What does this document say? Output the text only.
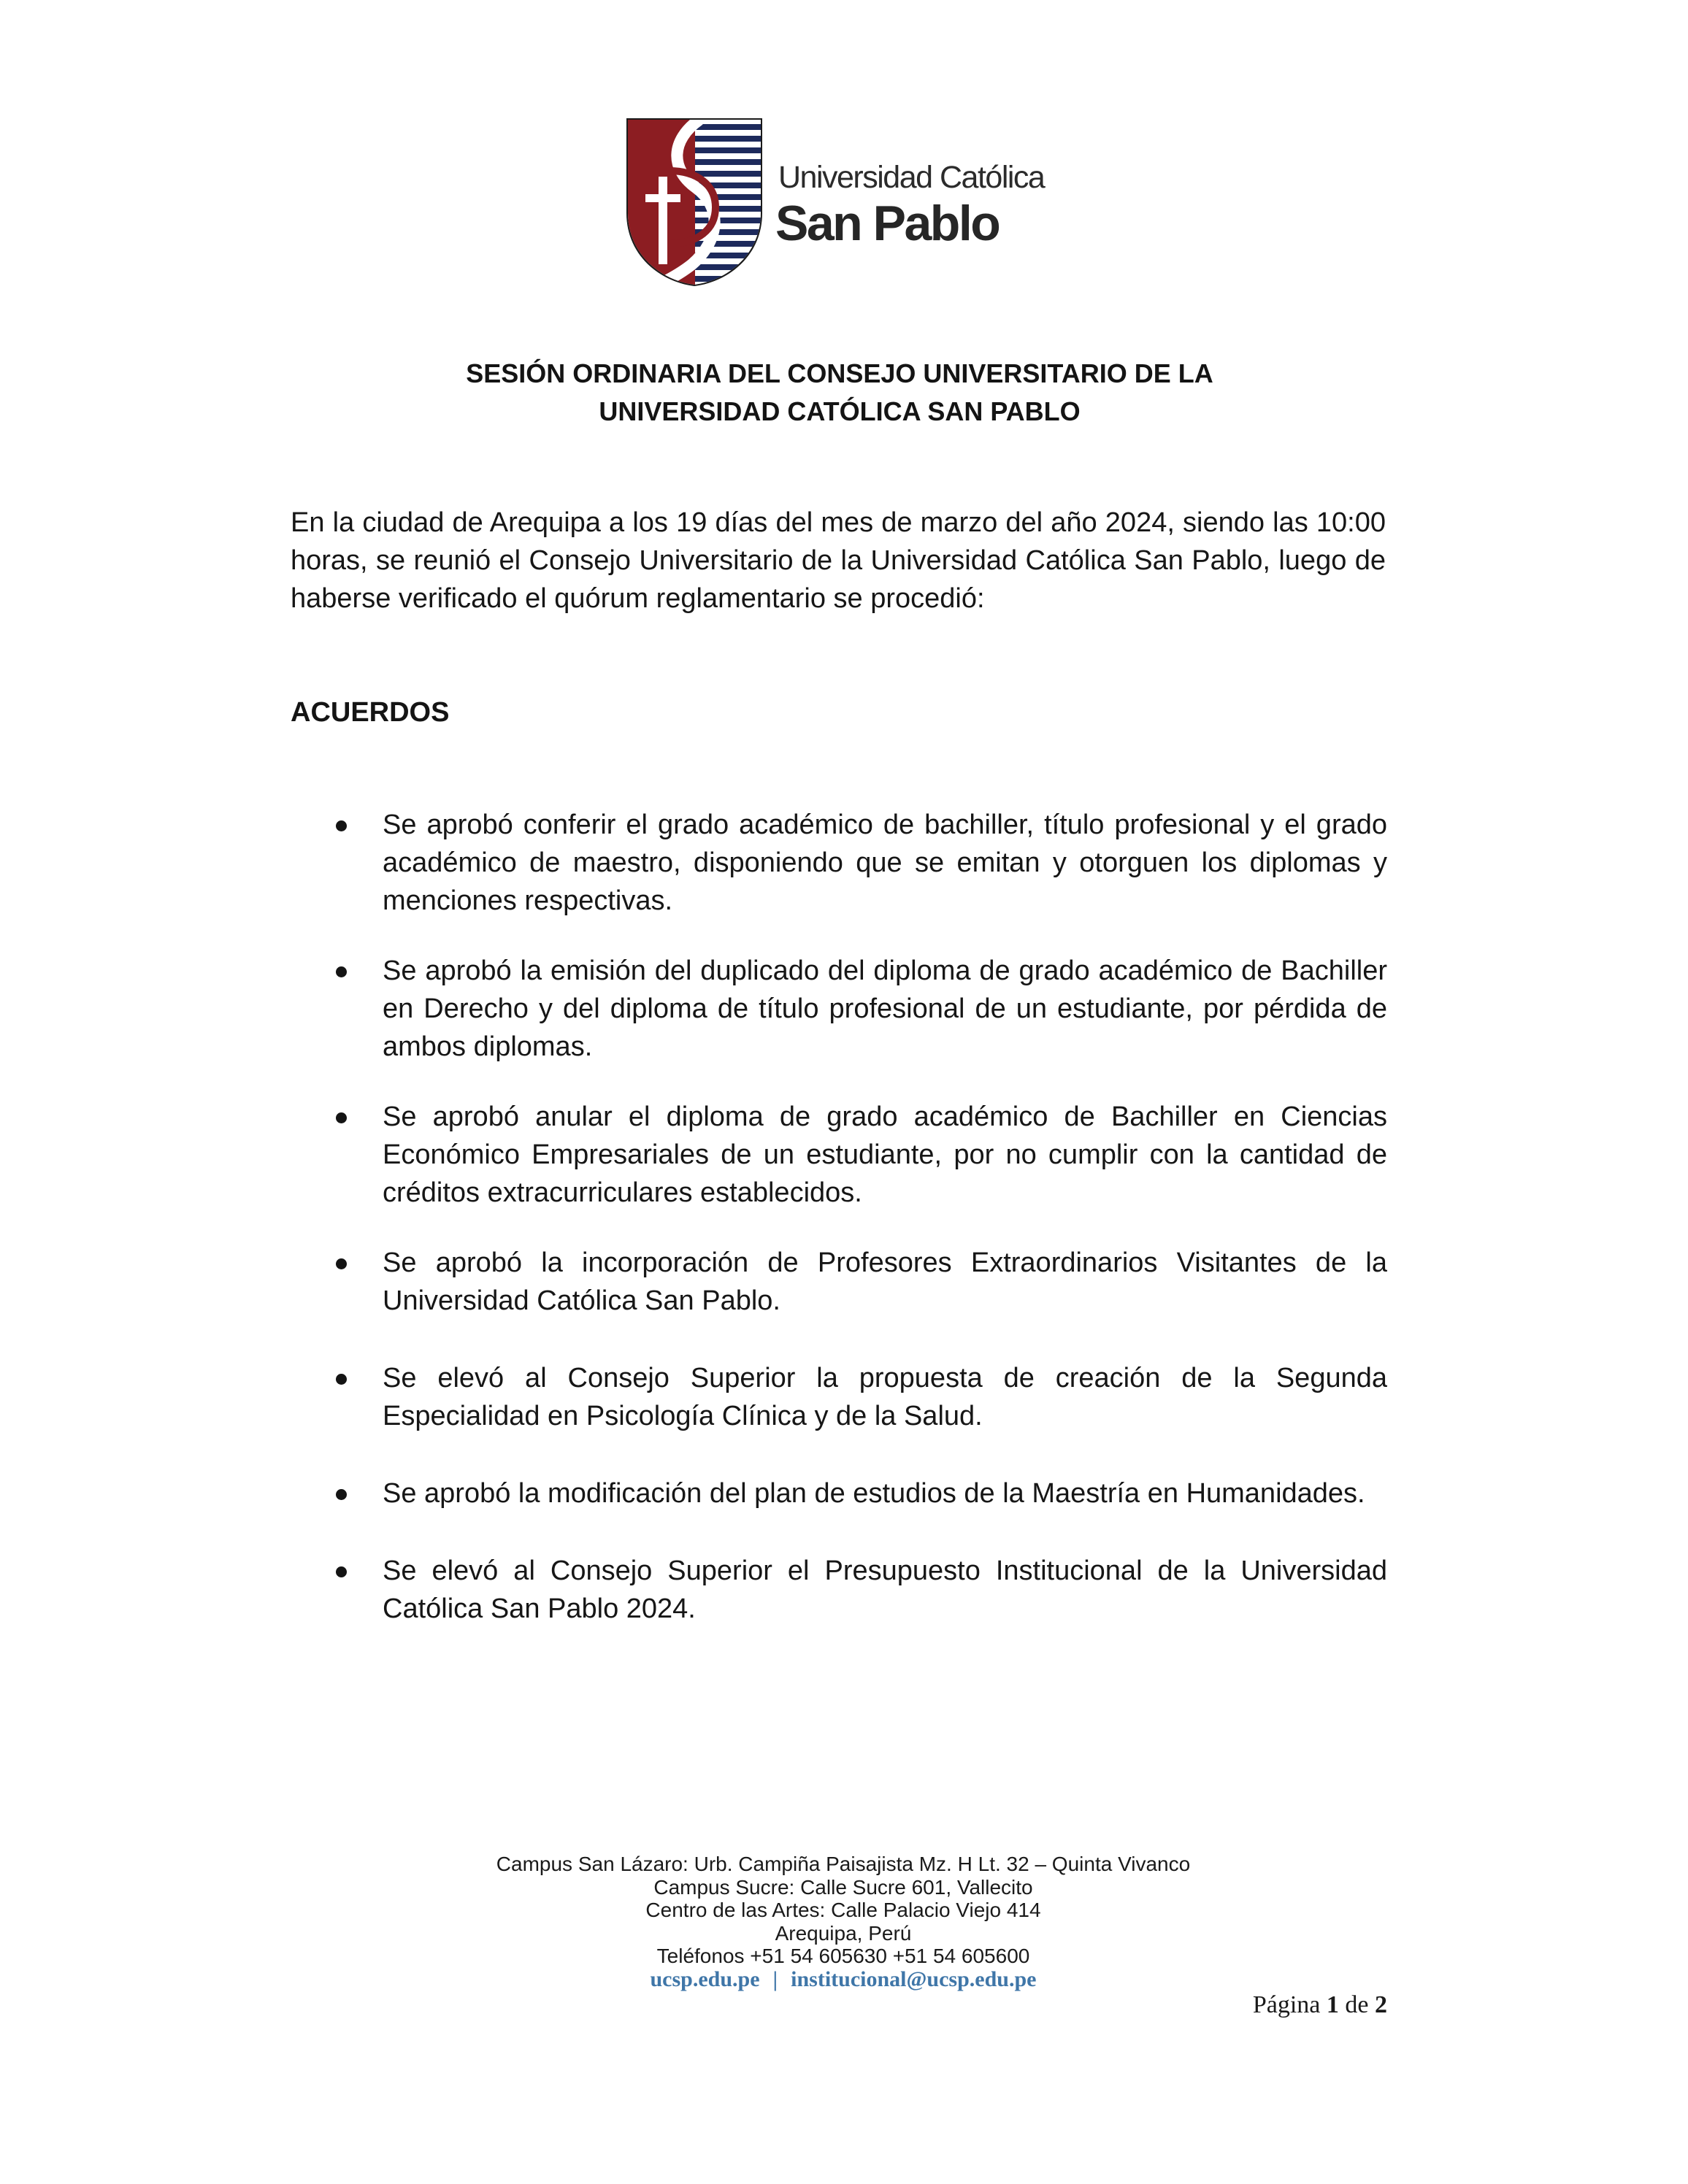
Universidad Católica
San Pablo
SESIÓN ORDINARIA DEL CONSEJO UNIVERSITARIO DE LA
UNIVERSIDAD CATÓLICA SAN PABLO
En la ciudad de Arequipa a los 19 días del mes de marzo del año 2024, siendo las 10:00 horas, se reunió el Consejo Universitario de la Universidad Católica San Pablo, luego de haberse verificado el quórum reglamentario se procedió:
ACUERDOS
Se aprobó conferir el grado académico de bachiller, título profesional y el grado académico de maestro, disponiendo que se emitan y otorguen los diplomas y menciones respectivas.
Se aprobó la emisión del duplicado del diploma de grado académico de Bachiller en Derecho y del diploma de título profesional de un estudiante, por pérdida de ambos diplomas.
Se aprobó anular el diploma de grado académico de Bachiller en Ciencias Económico Empresariales de un estudiante, por no cumplir con la cantidad de créditos extracurriculares establecidos.
Se aprobó la incorporación de Profesores Extraordinarios Visitantes de la Universidad Católica San Pablo.
Se elevó al Consejo Superior la propuesta de creación de la Segunda Especialidad en Psicología Clínica y de la Salud.
Se aprobó la modificación del plan de estudios de la Maestría en Humanidades.
Se elevó al Consejo Superior el Presupuesto Institucional de la Universidad Católica San Pablo 2024.
Campus San Lázaro: Urb. Campiña Paisajista Mz. H Lt. 32 – Quinta Vivanco
Campus Sucre: Calle Sucre 601, Vallecito
Centro de las Artes: Calle Palacio Viejo 414
Arequipa, Perú
Teléfonos +51 54 605630 +51 54 605600
ucsp.edu.pe | institucional@ucsp.edu.pe
Página 1 de 2
